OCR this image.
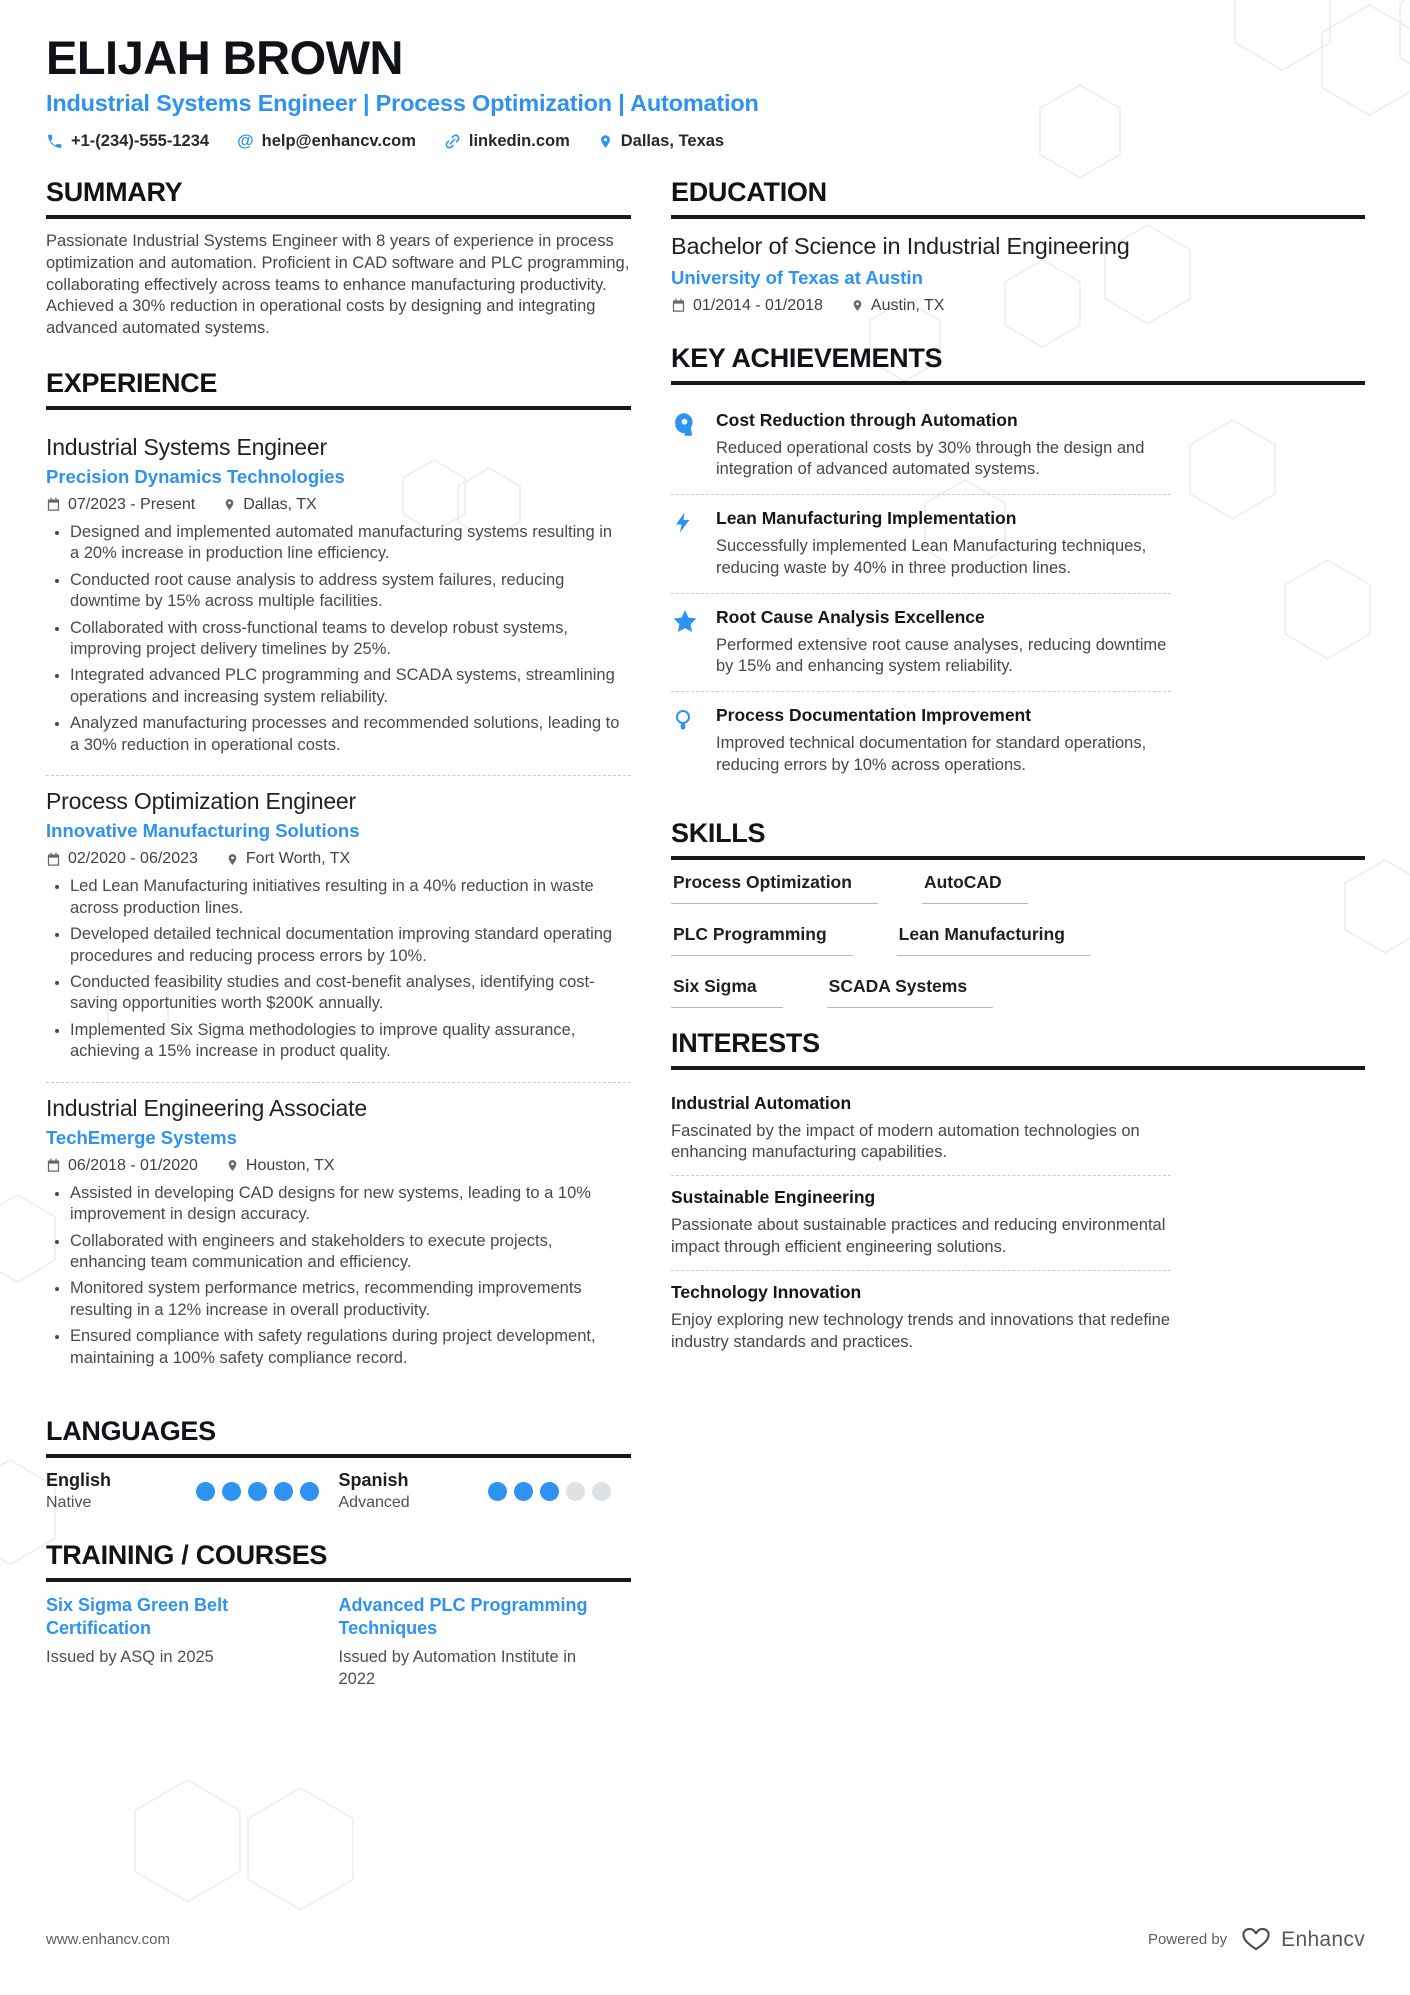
ELIJAH BROWN
Industrial Systems Engineer | Process Optimization | Automation
+1-(234)-555-1234 @ help@enhancv.com	linkedin.com	Dallas, Texas
SUMMARY

Passionate Industrial Systems Engineer with 8 years of experience in process optimization and automation. Proficient in CAD software and PLC programming, collaborating effectively across teams to enhance manufacturing productivity. Achieved a 30% reduction in operational costs by designing and integrating advanced automated systems.

EXPERIENCE
Industrial Systems Engineer
Precision Dynamics Technologies
07/2023 - Present	Dallas, TX
• Designed and implemented automated manufacturing systems resulting in a 20% increase in production line efficiency.
• Conducted root cause analysis to address system failures, reducing downtime by 15% across multiple facilities.
• Collaborated with cross-functional teams to develop robust systems, improving project delivery timelines by 25%.
• Integrated advanced PLC programming and SCADA systems, streamlining operations and increasing system reliability.
• Analyzed manufacturing processes and recommended solutions, leading to a 30% reduction in operational costs.
Process Optimization Engineer
Innovative Manufacturing Solutions
02/2020 - 06/2023	Fort Worth, TX
• Led Lean Manufacturing initiatives resulting in a 40% reduction in waste across production lines.
• Developed detailed technical documentation improving standard operating procedures and reducing process errors by 10%.
• Conducted feasibility studies and cost-benefit analyses, identifying cost-saving opportunities worth $200K annually.
• Implemented Six Sigma methodologies to improve quality assurance, achieving a 15% increase in product quality.
Industrial Engineering Associate
TechEmerge Systems
06/2018 - 01/2020	Houston, TX
• Assisted in developing CAD designs for new systems, leading to a 10% improvement in design accuracy.
• Collaborated with engineers and stakeholders to execute projects, enhancing team communication and efficiency.
• Monitored system performance metrics, recommending improvements resulting in a 12% increase in overall productivity.
• Ensured compliance with safety regulations during project development, maintaining a 100% safety compliance record.
LANGUAGES
English
Native
Spanish
Advanced
TRAINING / COURSES
Six Sigma Green Belt Certification
Issued by ASQ in 2025
Advanced PLC Programming Techniques
Issued by Automation Institute in 2022
EDUCATION
Bachelor of Science in Industrial Engineering
University of Texas at Austin
01/2014 - 01/2018	Austin, TX
KEY ACHIEVEMENTS
Cost Reduction through Automation
Reduced operational costs by 30% through the design and integration of advanced automated systems.
Lean Manufacturing Implementation
Successfully implemented Lean Manufacturing techniques, reducing waste by 40% in three production lines.
Root Cause Analysis Excellence
Performed extensive root cause analyses, reducing downtime by 15% and enhancing system reliability.
Process Documentation Improvement
Improved technical documentation for standard operations, reducing errors by 10% across operations.
SKILLS
Process Optimization	AutoCAD
PLC Programming	Lean Manufacturing
Six Sigma	SCADA Systems
INTERESTS
Industrial Automation
Fascinated by the impact of modern automation technologies on enhancing manufacturing capabilities.
Sustainable Engineering
Passionate about sustainable practices and reducing environmental impact through efficient engineering solutions.
Technology Innovation
Enjoy exploring new technology trends and innovations that redefine industry standards and practices.
www.enhancv.com	Powered by	Enhancv
